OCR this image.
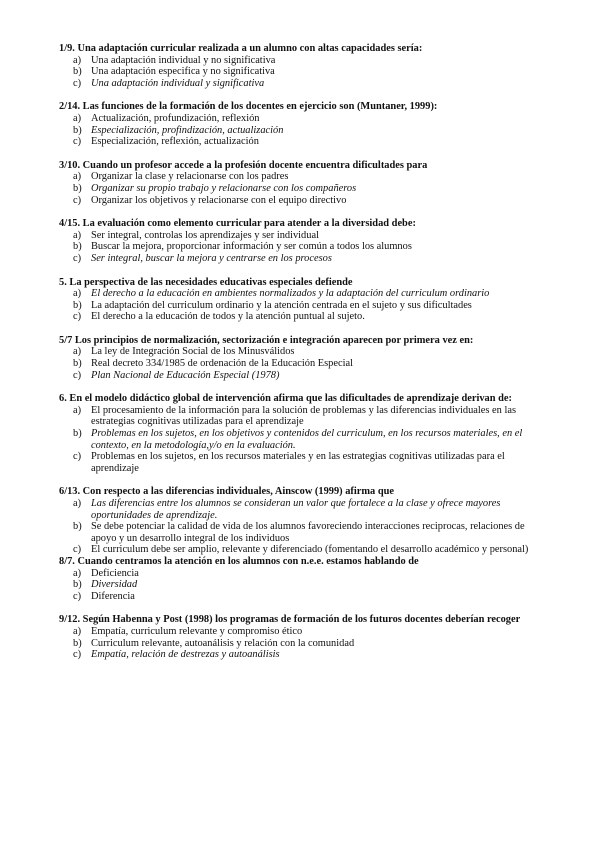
1/9. Una adaptación curricular realizada a un alumno con altas capacidades sería:
a) Una adaptación individual y no significativa
b) Una adaptación especifica y no significativa
c) Una adaptación individual y significativa
2/14. Las funciones de la formación de los docentes en ejercicio son (Muntaner, 1999):
a) Actualización, profundización, reflexión
b) Especialización, profindización, actualización
c) Especialización, reflexión, actualización
3/10. Cuando un profesor accede a la profesión docente encuentra dificultades para
a) Organizar la clase y relacionarse con los padres
b) Organizar su propio trabajo y relacionarse con los compañeros
c) Organizar los objetivos y relacionarse con el equipo directivo
4/15. La evaluación como elemento curricular para atender a la diversidad debe:
a) Ser integral, controlas los aprendizajes y ser individual
b) Buscar la mejora, proporcionar información y ser común a todos los alumnos
c) Ser integral, buscar la mejora y centrarse en los procesos
5. La perspectiva de las necesidades educativas especiales defiende
a) El derecho a la educación en ambientes normalizados y la adaptación del curriculum ordinario
b) La adaptación del curriculum ordinario y la atención centrada en el sujeto y sus dificultades
c) El derecho a la educación de todos y la atención puntual al sujeto.
5/7 Los principios de normalización, sectorización e integración aparecen por primera vez en:
a) La ley de Integración Social de los Minusválidos
b) Real decreto 334/1985 de ordenación de la Educación Especial
c) Plan Nacional de Educación Especial (1978)
6. En el modelo didáctico global de intervención afirma que las dificultades de aprendizaje derivan de:
a) El procesamiento de la información para la solución de problemas y las diferencias individuales en las estrategias cognitivas utilizadas para el aprendizaje
b) Problemas en los sujetos, en los objetivos y contenidos del curriculum, en los recursos materiales, en el contexto, en la metodología,y/o en la evaluación.
c) Problemas en los sujetos, en los recursos materiales y en las estrategias cognitivas utilizadas para el aprendizaje
6/13. Con respecto a las diferencias individuales, Ainscow (1999) afirma que
a) Las diferencias entre los alumnos se consideran un valor que fortalece a la clase y ofrece mayores oportunidades de aprendizaje.
b) Se debe potenciar la calidad de vida de los alumnos favoreciendo interacciones reciprocas, relaciones de apoyo y un desarrollo integral de los individuos
c) El curriculum debe ser amplio, relevante y diferenciado (fomentando el desarrollo académico y personal)
8/7. Cuando centramos la atención en los alumnos con n.e.e. estamos hablando de
a) Deficiencia
b) Diversidad
c) Diferencia
9/12. Según Habenna y Post (1998) los programas de formación de los futuros docentes deberían recoger
a) Empatía, curriculum relevante y compromiso ético
b) Curriculum relevante, autoanálisis y relación con la comunidad
c) Empatía, relación de destrezas y autoanálisis
